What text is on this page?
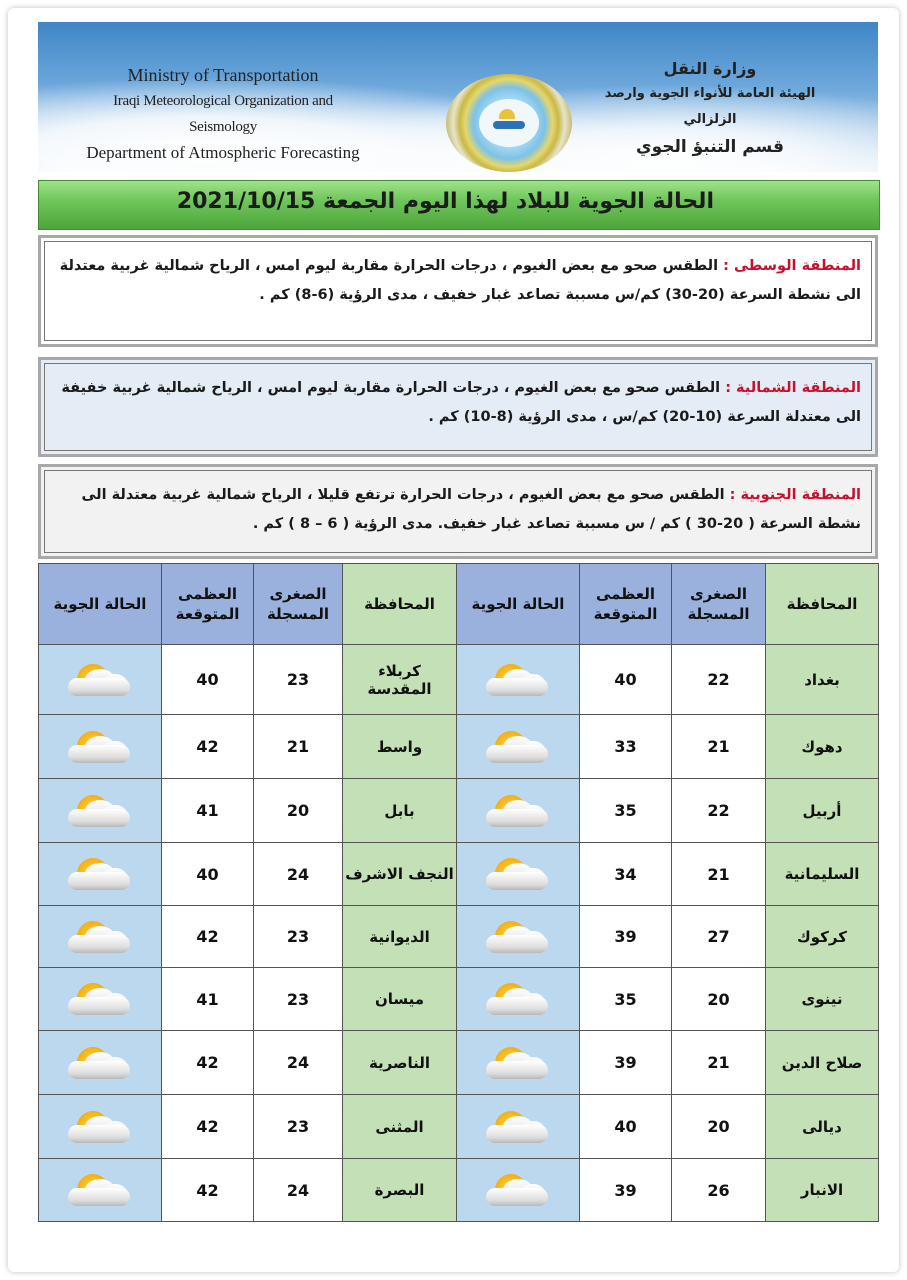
Ministry of Transportation
Iraqi Meteorological Organization and Seismology
Department of Atmospheric Forecasting
وزارة النقل
الهيئة العامة للأنواء الجوية وارصد الزلزالي
قسم التنبؤ الجوي
الحالة الجوية للبلاد لهذا اليوم الجمعة 2021/10/15
المنطقة الوسطى : الطقس صحو مع بعض الغيوم ، درجات الحرارة مقاربة ليوم امس ، الرياح شمالية غربية معتدلة الى نشطة السرعة (20-30) كم/س مسببة تصاعد غبار خفيف ، مدى الرؤية (6-8) كم .
المنطقة الشمالية : الطقس صحو مع بعض الغيوم ، درجات الحرارة مقاربة ليوم امس ، الرياح شمالية غربية خفيفة الى معتدلة السرعة (10-20) كم/س ، مدى الرؤية (8-10) كم .
المنطقة الجنوبية : الطقس صحو مع بعض الغيوم ، درجات الحرارة ترتفع قليلا ، الرياح شمالية غربية معتدلة الى نشطة السرعة ( 20-30 ) كم / س مسببة تصاعد غبار خفيف. مدى الرؤية ( 6 – 8 ) كم .
المحافظة	الصغرى المسجلة	العظمى المتوقعة	الحالة الجوية	المحافظة	الصغرى المسجلة	العظمى المتوقعة	الحالة الجوية
بغداد	22	40		كربلاء المقدسة	23	40	

دهوك	21	33		واسط	21	42	

أربيل	22	35		بابل	20	41	

السليمانية	21	34		النجف الاشرف	24	40	

كركوك	27	39		الديوانية	23	42	

نينوى	20	35		ميسان	23	41	

صلاح الدين	21	39		الناصرية	24	42	

ديالى	20	40		المثنى	23	42	

الانبار	26	39		البصرة	24	42	
